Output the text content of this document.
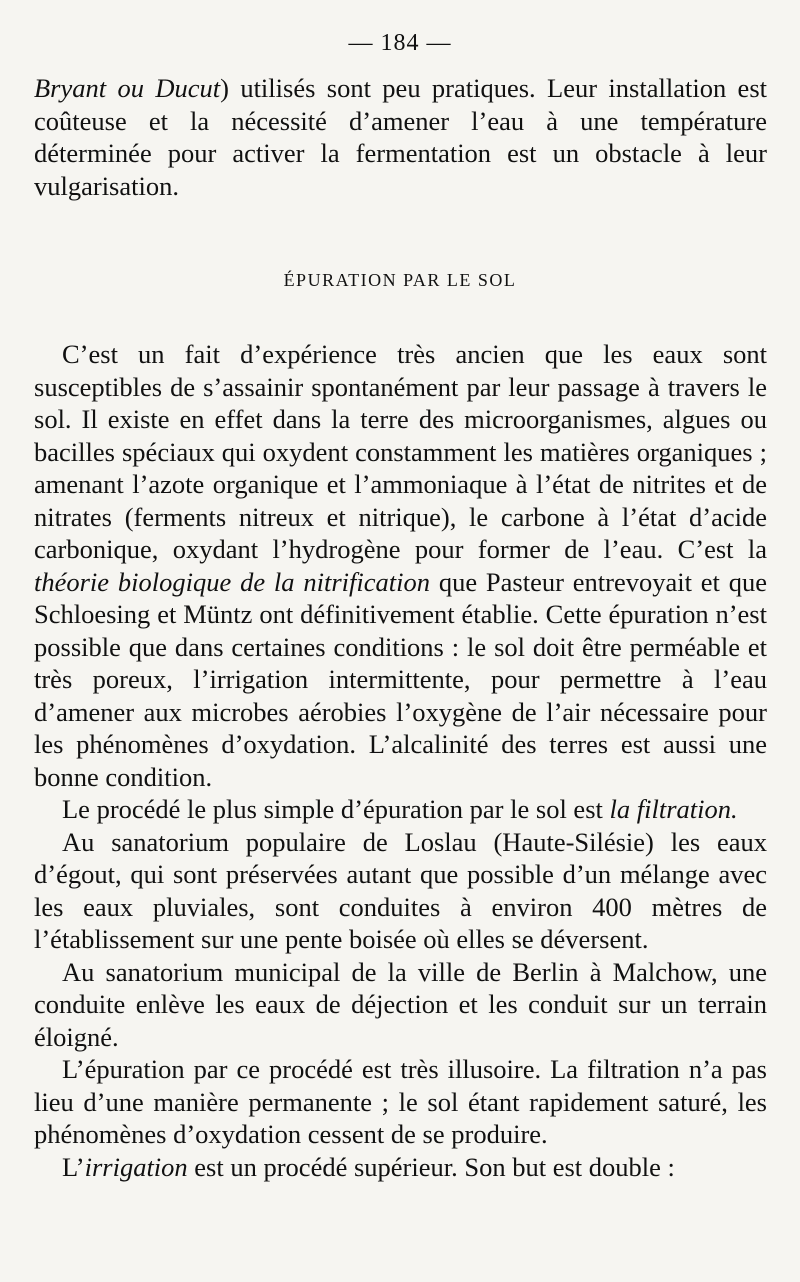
— 184 —

Bryant ou Ducut) utilisés sont peu pratiques. Leur installation est coûteuse et la nécessité d’amener l’eau à une température déterminée pour activer la fermentation est un obstacle à leur vulgarisation.

ÉPURATION PAR LE SOL

C’est un fait d’expérience très ancien que les eaux sont susceptibles de s’assainir spontanément par leur passage à travers le sol. Il existe en effet dans la terre des microorganismes, algues ou bacilles spéciaux qui oxydent constamment les matières organiques ; amenant l’azote organique et l’ammoniaque à l’état de nitrites et de nitrates (ferments nitreux et nitrique), le carbone à l’état d’acide carbonique, oxydant l’hydrogène pour former de l’eau. C’est la théorie biologique de la nitrification que Pasteur entrevoyait et que Schloesing et Müntz ont définitivement établie. Cette épuration n’est possible que dans certaines conditions : le sol doit être perméable et très poreux, l’irrigation intermittente, pour permettre à l’eau d’amener aux microbes aérobies l’oxygène de l’air nécessaire pour les phénomènes d’oxydation. L’alcalinité des terres est aussi une bonne condition.

Le procédé le plus simple d’épuration par le sol est la filtration.

Au sanatorium populaire de Loslau (Haute-Silésie) les eaux d’égout, qui sont préservées autant que possible d’un mélange avec les eaux pluviales, sont conduites à environ 400 mètres de l’établissement sur une pente boisée où elles se déversent.

Au sanatorium municipal de la ville de Berlin à Malchow, une conduite enlève les eaux de déjection et les conduit sur un terrain éloigné.

L’épuration par ce procédé est très illusoire. La filtration n’a pas lieu d’une manière permanente ; le sol étant rapidement saturé, les phénomènes d’oxydation cessent de se produire.

L’irrigation est un procédé supérieur. Son but est double :
